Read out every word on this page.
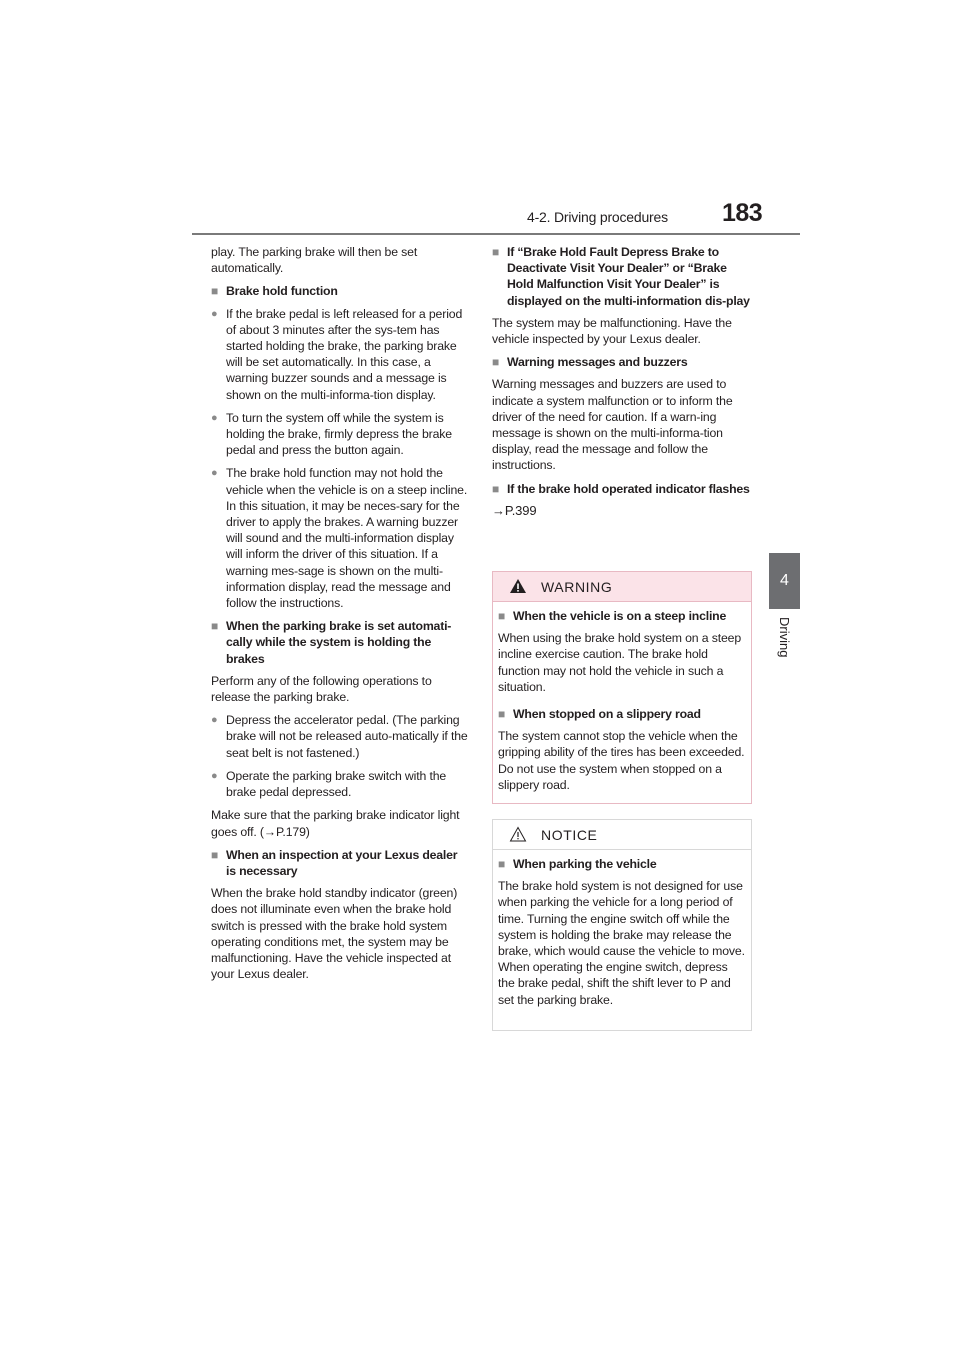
4-2. Driving procedures	183
4
Driving

play. The parking brake will then be set automatically.

■ Brake hold function
● If the brake pedal is left released for a period of about 3 minutes after the sys-tem has started holding the brake, the parking brake will be set automatically. In this case, a warning buzzer sounds and a message is shown on the multi-informa-tion display.
● To turn the system off while the system is holding the brake, firmly depress the brake pedal and press the button again.
● The brake hold function may not hold the vehicle when the vehicle is on a steep incline. In this situation, it may be neces-sary for the driver to apply the brakes. A warning buzzer will sound and the multi-information display will inform the driver of this situation. If a warning mes-sage is shown on the multi-information display, read the message and follow the instructions.
■ When the parking brake is set automati-cally while the system is holding the brakes

Perform any of the following operations to release the parking brake.

● Depress the accelerator pedal. (The parking brake will not be released auto-matically if the seat belt is not fastened.)
● Operate the parking brake switch with the brake pedal depressed.

Make sure that the parking brake indicator light goes off. (→P.179)

■ When an inspection at your Lexus dealer is necessary

When the brake hold standby indicator (green) does not illuminate even when the brake hold switch is pressed with the brake hold system operating conditions met, the system may be malfunctioning. Have the vehicle inspected at your Lexus dealer.

■ If “Brake Hold Fault Depress Brake to Deactivate Visit Your Dealer” or “Brake Hold Malfunction Visit Your Dealer” is displayed on the multi-information dis-play

The system may be malfunctioning. Have the vehicle inspected by your Lexus dealer.

■ Warning messages and buzzers

Warning messages and buzzers are used to indicate a system malfunction or to inform the driver of the need for caution. If a warn-ing message is shown on the multi-informa-tion display, read the message and follow the instructions.

■ If the brake hold operated indicator flashes

→P.399

WARNING
■ When the vehicle is on a steep incline

When using the brake hold system on a steep incline exercise caution. The brake hold function may not hold the vehicle in such a situation.

■ When stopped on a slippery road

The system cannot stop the vehicle when the gripping ability of the tires has been exceeded. Do not use the system when stopped on a slippery road.

NOTICE
■ When parking the vehicle

The brake hold system is not designed for use when parking the vehicle for a long period of time. Turning the engine switch off while the system is holding the brake may release the brake, which would cause the vehicle to move. When operating the engine switch, depress the brake pedal, shift the shift lever to P and set the parking brake.
